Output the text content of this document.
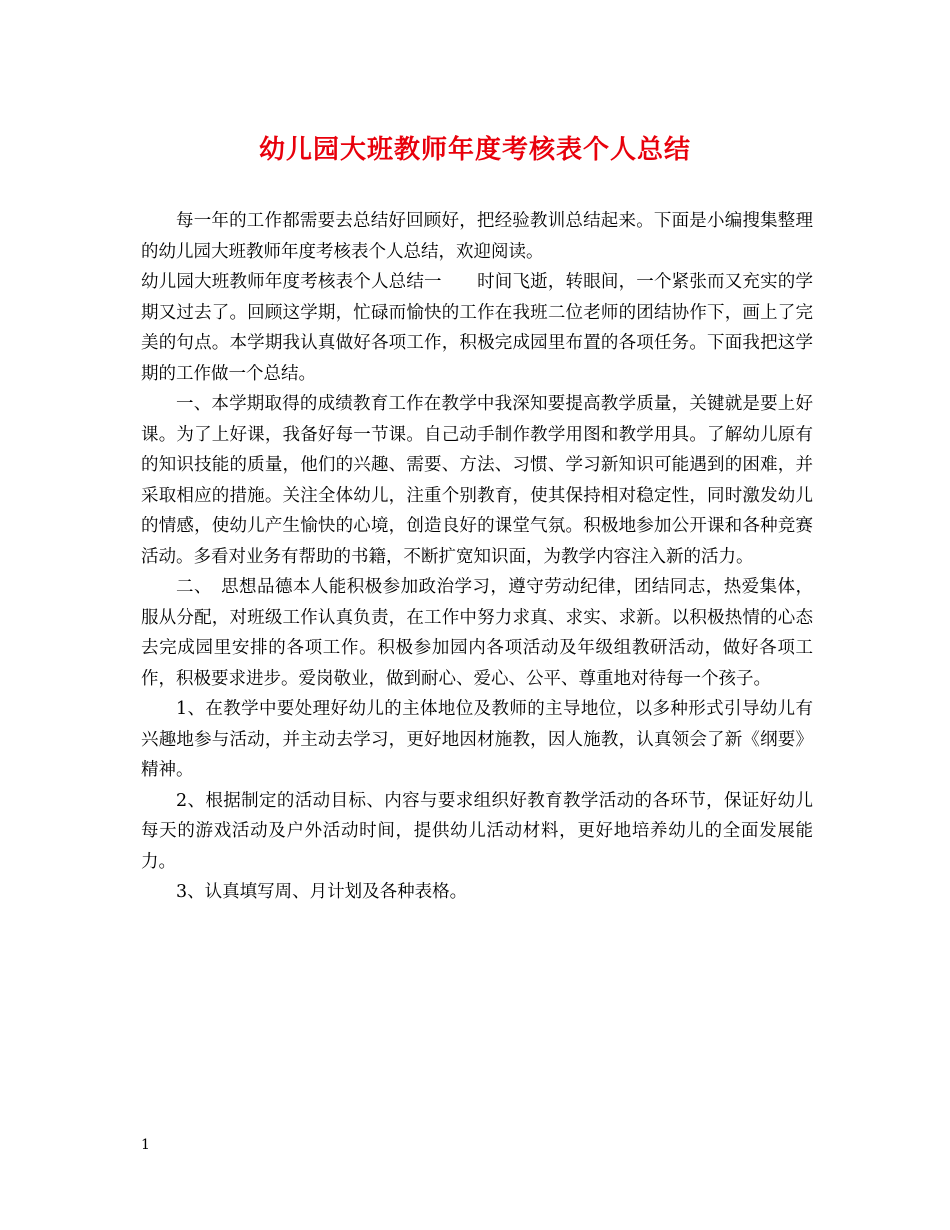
幼儿园大班教师年度考核表个人总结

每一年的工作都需要去总结好回顾好，把经验教训总结起来。下面是小编搜集整理的幼儿园大班教师年度考核表个人总结，欢迎阅读。

幼儿园大班教师年度考核表个人总结一　　时间飞逝，转眼间，一个紧张而又充实的学期又过去了。回顾这学期，忙碌而愉快的工作在我班二位老师的团结协作下，画上了完美的句点。本学期我认真做好各项工作，积极完成园里布置的各项任务。下面我把这学期的工作做一个总结。

一、本学期取得的成绩教育工作在教学中我深知要提高教学质量，关键就是要上好课。为了上好课，我备好每一节课。自己动手制作教学用图和教学用具。了解幼儿原有的知识技能的质量，他们的兴趣、需要、方法、习惯、学习新知识可能遇到的困难，并采取相应的措施。关注全体幼儿，注重个别教育，使其保持相对稳定性，同时激发幼儿的情感，使幼儿产生愉快的心境，创造良好的课堂气氛。积极地参加公开课和各种竞赛活动。多看对业务有帮助的书籍，不断扩宽知识面，为教学内容注入新的活力。

二、　思想品德本人能积极参加政治学习，遵守劳动纪律，团结同志，热爱集体，服从分配，对班级工作认真负责，在工作中努力求真、求实、求新。以积极热情的心态去完成园里安排的各项工作。积极参加园内各项活动及年级组教研活动，做好各项工作，积极要求进步。爱岗敬业，做到耐心、爱心、公平、尊重地对待每一个孩子。

1、在教学中要处理好幼儿的主体地位及教师的主导地位，以多种形式引导幼儿有兴趣地参与活动，并主动去学习，更好地因材施教，因人施教，认真领会了新《纲要》精神。

2、根据制定的活动目标、内容与要求组织好教育教学活动的各环节，保证好幼儿每天的游戏活动及户外活动时间，提供幼儿活动材料，更好地培养幼儿的全面发展能力。

3、认真填写周、月计划及各种表格。

1
